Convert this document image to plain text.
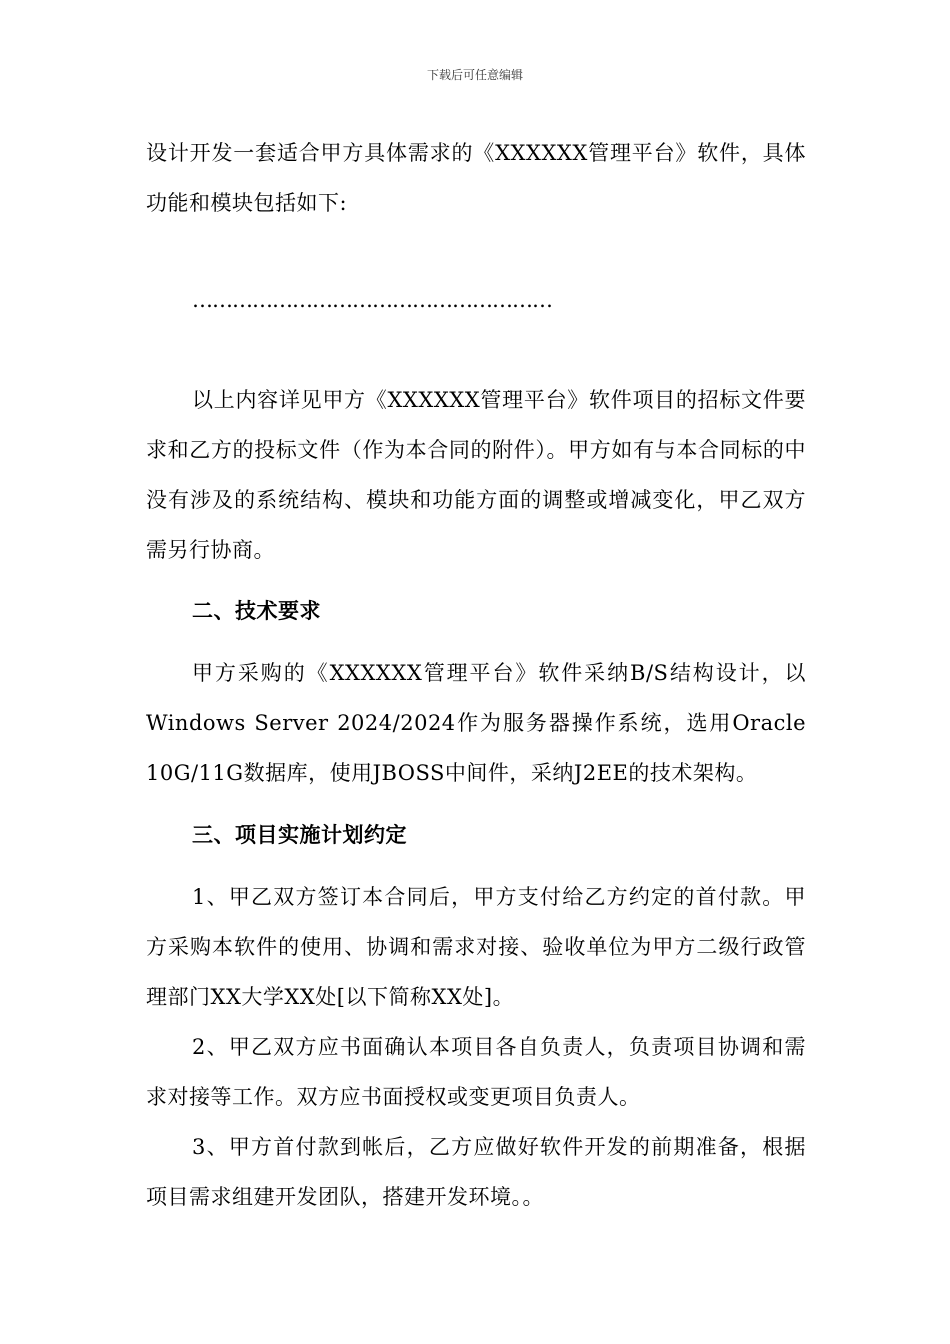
下载后可任意编辑
设计开发一套适合甲方具体需求的《XXXXXX管理平台》软件，具体功能和模块包括如下:
………………………………………………
以上内容详见甲方《XXXXXX管理平台》软件项目的招标文件要求和乙方的投标文件（作为本合同的附件）。甲方如有与本合同标的中没有涉及的系统结构、模块和功能方面的调整或增减变化，甲乙双方需另行协商。
二、技术要求
甲方采购的《XXXXXX管理平台》软件采纳B/S结构设计，以Windows Server 2024/2024作为服务器操作系统，选用Oracle 10G/11G数据库，使用JBOSS中间件，采纳J2EE的技术架构。
三、项目实施计划约定
1、甲乙双方签订本合同后，甲方支付给乙方约定的首付款。甲方采购本软件的使用、协调和需求对接、验收单位为甲方二级行政管理部门XX大学XX处[以下简称XX处]。
2、甲乙双方应书面确认本项目各自负责人，负责项目协调和需求对接等工作。双方应书面授权或变更项目负责人。
3、甲方首付款到帐后，乙方应做好软件开发的前期准备，根据项目需求组建开发团队，搭建开发环境。。
